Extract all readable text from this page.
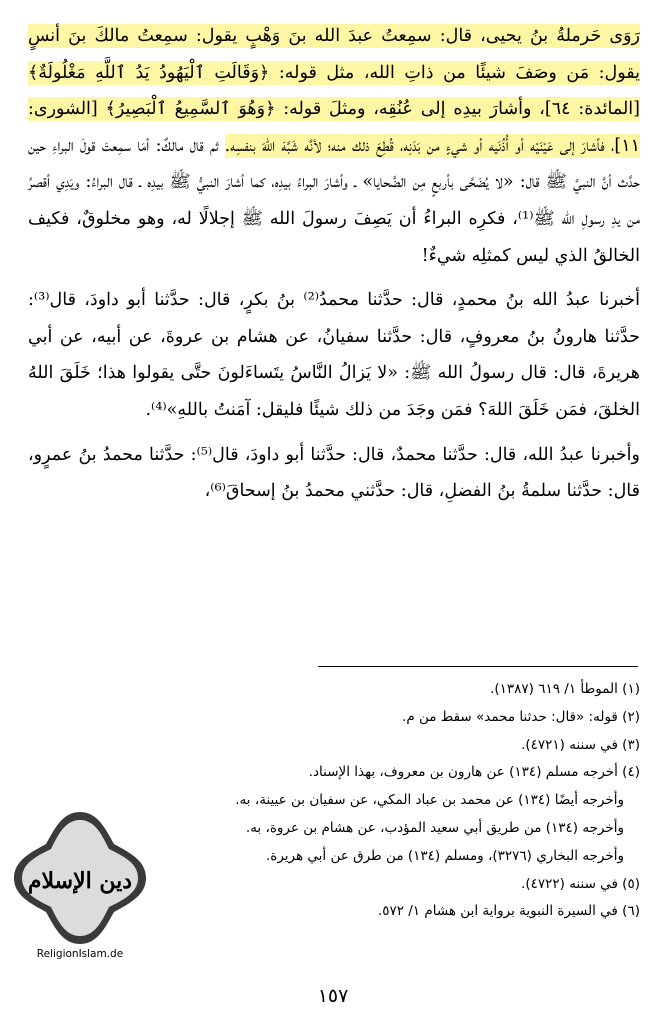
رَوَى حَرملةُ بنُ يحيى، قال: سمِعتُ عبدَ الله بنَ وَهْبٍ يقول: سمِعتُ مالكَ بنَ أنسٍ يقول: مَن وصَفَ شيئًا من ذاتِ الله، مثل قوله: ﴿وَقَالَتِ ٱلْيَهُودُ يَدُ ٱللَّهِ مَغْلُولَةٌ﴾ [المائدة: ٦٤]، وأشارَ بيدِه إلى عُنُقِه، ومثلَ قوله: ﴿وَهُوَ ٱلسَّمِيعُ ٱلْبَصِيرُ﴾ [الشورى: ١١]، فأشارَ إلى عَيْنَيْه أو أُذُنَيه أو شيءٍ من بَدَنِه، قُطِعَ ذلك منه؛ لأنَّه شَبَّهَ اللهَ بنفسِه. ثم قال مالكٌ: أمَا سمِعتَ قولَ البراءِ حين حدَّث أنَّ النبيَّ ﷺ قال: «لا يُضَحَّى بأربعٍ مِن الضَّحايا» ـ وأشارَ البراءُ بيدِه، كما أشارَ النبيُّ ﷺ بيدِه ـ قال البراءُ: ويَدِي أقصرُ من يدِ رسولِ الله ﷺ⁽¹⁾، فكرِه البراءُ أن يَصِفَ رسولَ الله ﷺ إجلالًا له، وهو مخلوقٌ، فكيف الخالقُ الذي ليس كمثلِه شيءٌ!

أخبرنا عبدُ الله بنُ محمدٍ، قال: حدَّثنا محمدُ⁽²⁾ بنُ بكرٍ، قال: حدَّثنا أبو داودَ، قال⁽³⁾: حدَّثنا هارونُ بنُ معروفٍ، قال: حدَّثنا سفيانُ، عن هشام بن عروةَ، عن أبيه، عن أبي هريرةَ، قال: قال رسولُ الله ﷺ: «لا يَزالُ النَّاسُ يتَساءَلونَ حتَّى يقولوا هذا؛ خَلَقَ اللهُ الخلقَ، فمَن خَلَقَ اللهَ؟ فمَن وجَدَ من ذلك شيئًا فليقل: آمَنتُ باللهِ»⁽⁴⁾.

وأخبرنا عبدُ الله، قال: حدَّثنا محمدٌ، قال: حدَّثنا أبو داودَ، قال⁽⁵⁾: حدَّثنا محمدُ بنُ عمرٍو، قال: حدَّثنا سلمةُ بنُ الفضلِ، قال: حدَّثني محمدُ بنُ إسحاقَ⁽⁶⁾،

(١) الموطأ ١/ ٦١٩ (١٣٨٧).

(٢) قوله: «قال: حدثنا محمد» سقط من م.

(٣) في سننه (٤٧٢١).

(٤) أخرجه مسلم (١٣٤) عن هارون بن معروف، بهذا الإسناد.

وأخرجه أيضًا (١٣٤) عن محمد بن عباد المكي، عن سفيان بن عيينة، به.

وأخرجه (١٣٤) من طريق أبي سعيد المؤدب، عن هشام بن عروة، به.

وأخرجه البخاري (٣٢٧٦)، ومسلم (١٣٤) من طرق عن أبي هريرة.

(٥) في سننه (٤٧٢٢).

(٦) في السيرة النبوية برواية ابن هشام ١/ ٥٧٢.

دين الإسلام
ReligionIslam.de
١٥٧
